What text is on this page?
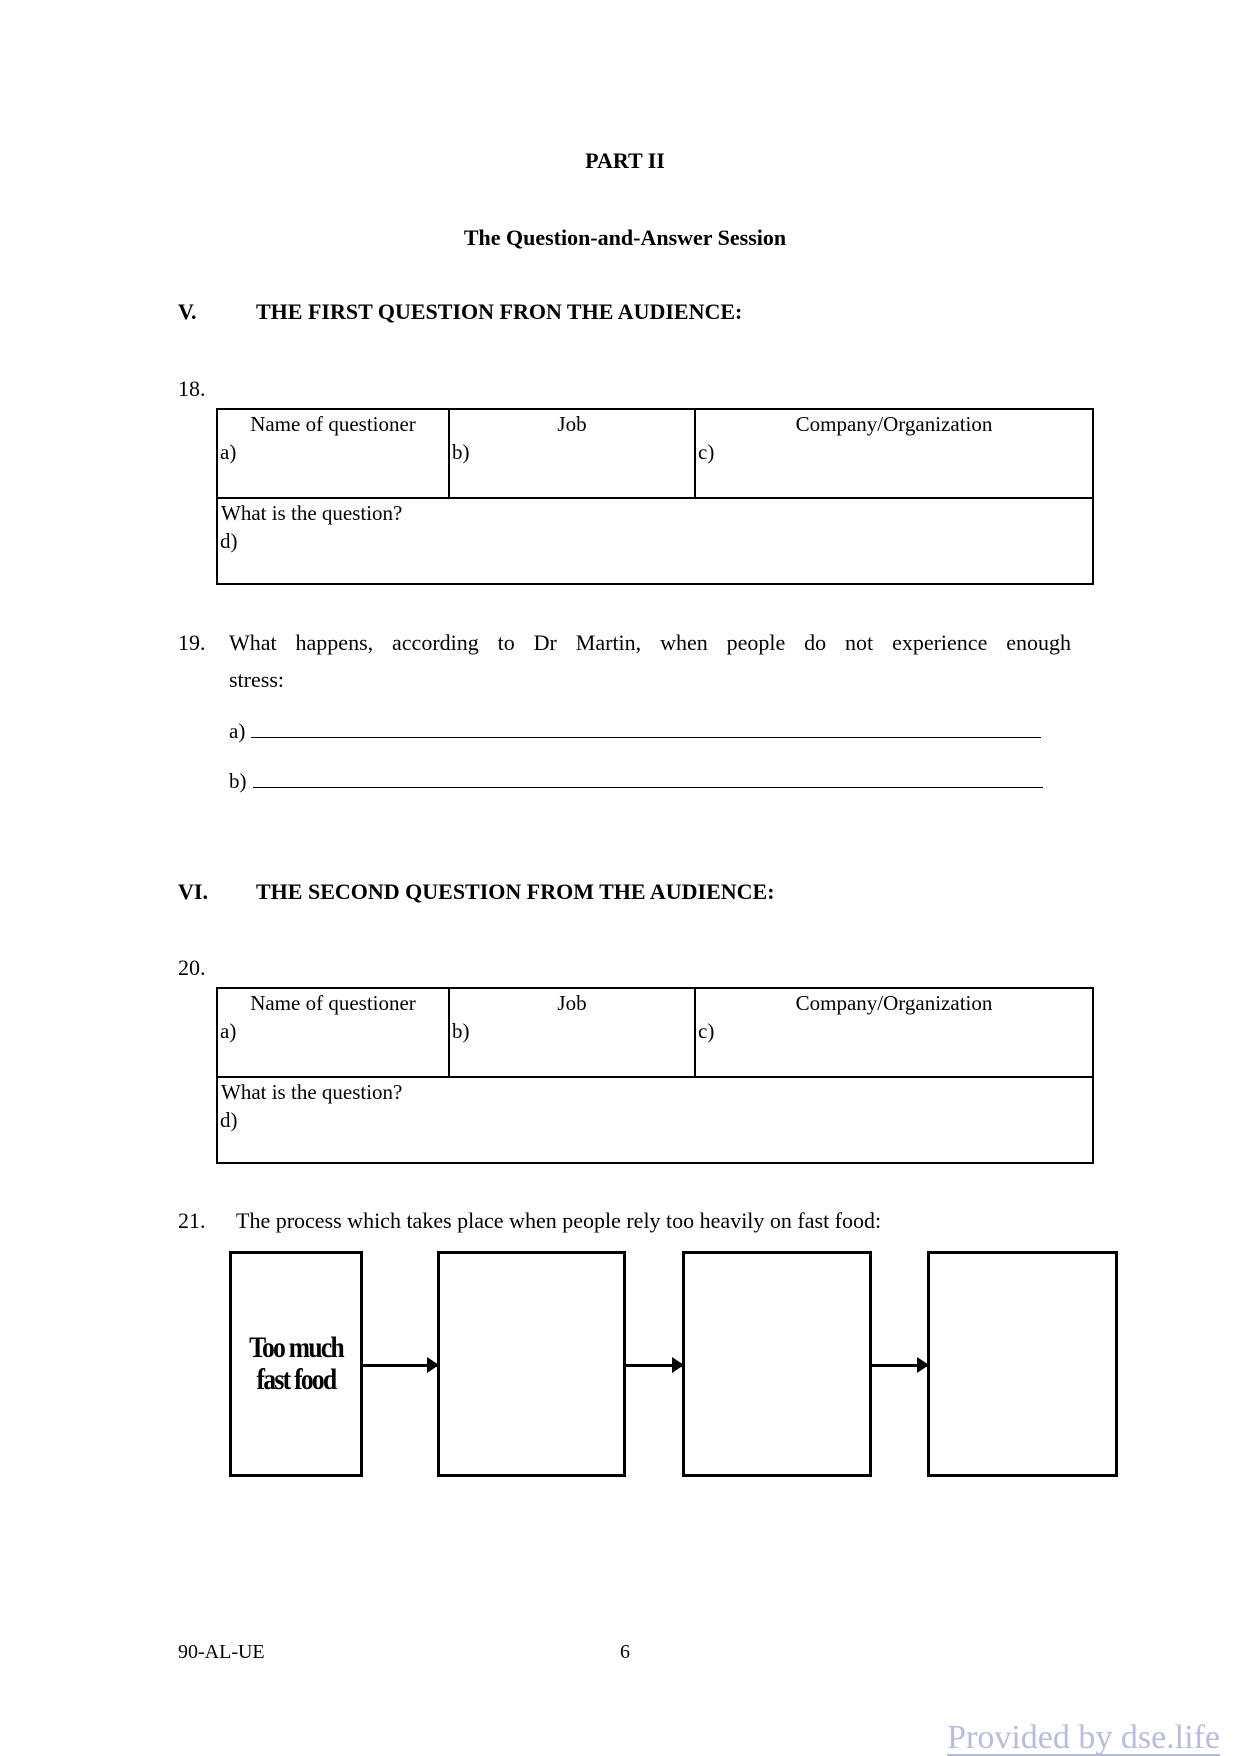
PART II
The Question-and-Answer Session
V.	THE FIRST QUESTION FRON THE AUDIENCE:
18.
Name of questioner
a)
Job
b)
Company/Organization
c)
What is the question?
d)
19. What happens, according to Dr Martin, when people do not experience enough
stress:
a)
b)
VI. THE SECOND QUESTION FROM THE AUDIENCE:
20.
Name of questioner
a)
Job
b)
Company/Organization
c)
What is the question?
d)
21. The process which takes place when people rely too heavily on fast food:
Too much
fast food
90-AL-UE	6
Provided by dse.life
